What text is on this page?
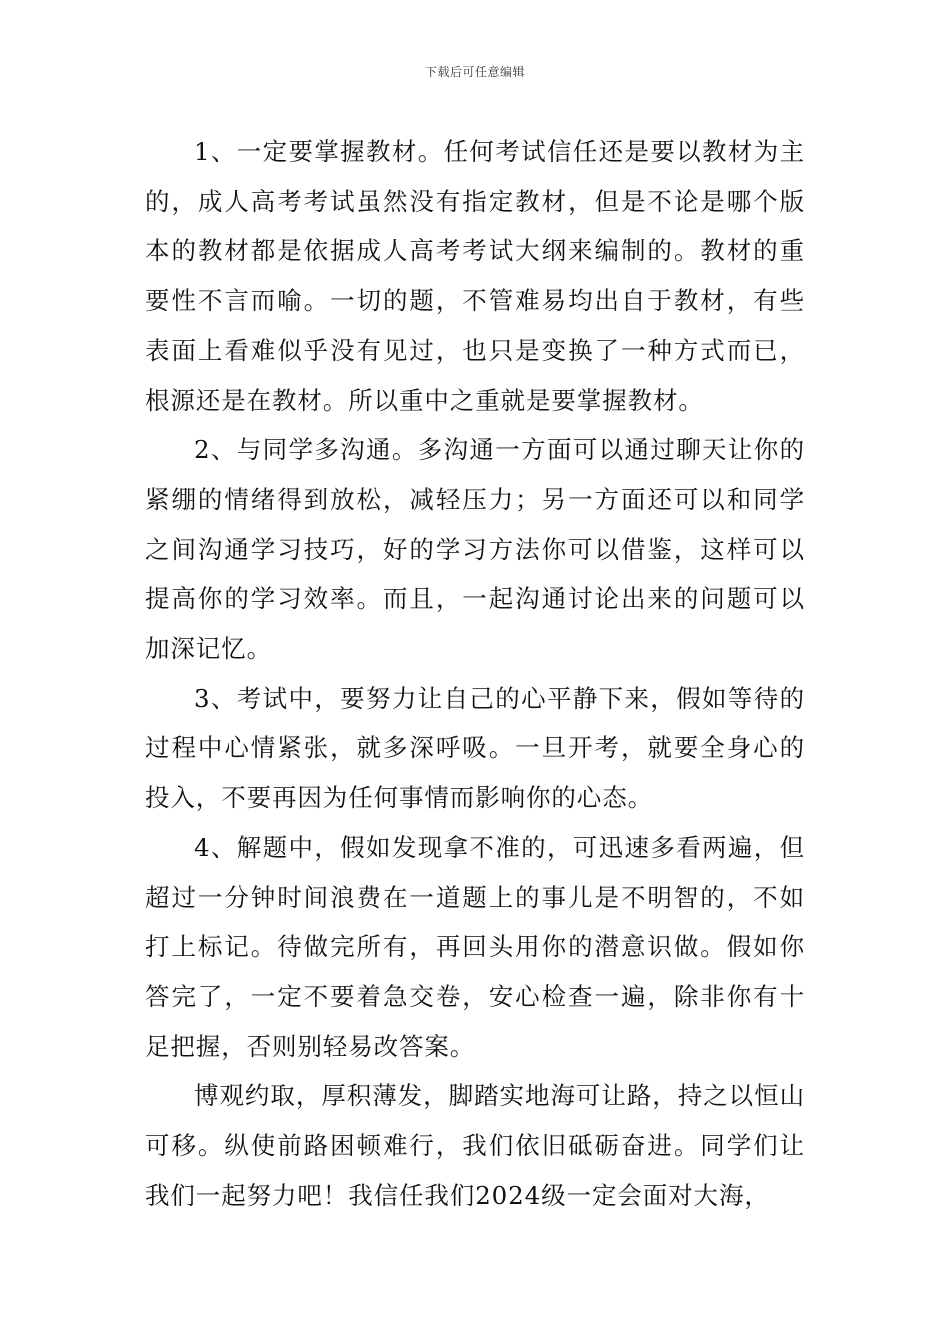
下载后可任意编辑

1、一定要掌握教材。任何考试信任还是要以教材为主的，成人高考考试虽然没有指定教材，但是不论是哪个版本的教材都是依据成人高考考试大纲来编制的。教材的重要性不言而喻。一切的题，不管难易均出自于教材，有些表面上看难似乎没有见过，也只是变换了一种方式而已，根源还是在教材。所以重中之重就是要掌握教材。

2、与同学多沟通。多沟通一方面可以通过聊天让你的紧绷的情绪得到放松，减轻压力；另一方面还可以和同学之间沟通学习技巧，好的学习方法你可以借鉴，这样可以提高你的学习效率。而且，一起沟通讨论出来的问题可以加深记忆。

3、考试中，要努力让自己的心平静下来，假如等待的过程中心情紧张，就多深呼吸。一旦开考，就要全身心的投入，不要再因为任何事情而影响你的心态。

4、解题中，假如发现拿不准的，可迅速多看两遍，但超过一分钟时间浪费在一道题上的事儿是不明智的，不如打上标记。待做完所有，再回头用你的潜意识做。假如你答完了，一定不要着急交卷，安心检查一遍，除非你有十足把握，否则别轻易改答案。

博观约取，厚积薄发，脚踏实地海可让路，持之以恒山可移。纵使前路困顿难行，我们依旧砥砺奋进。同学们让我们一起努力吧！我信任我们2024级一定会面对大海，
